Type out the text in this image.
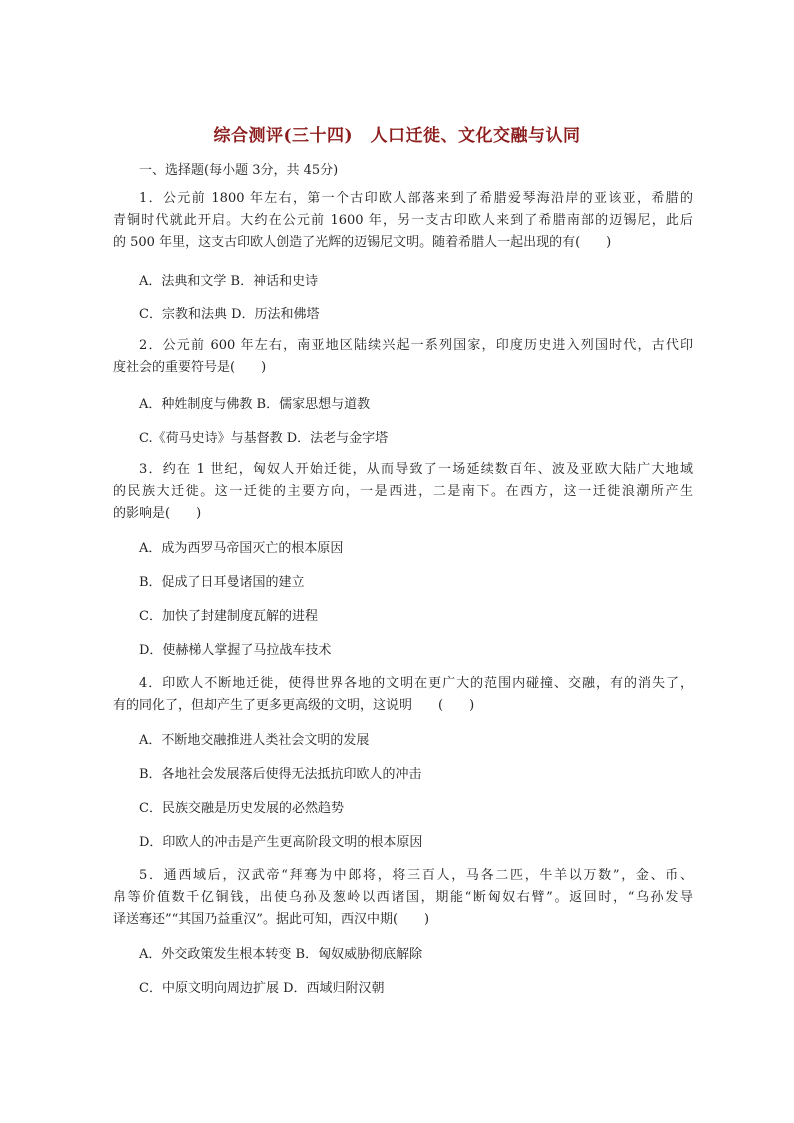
综合测评(三十四)　人口迁徙、文化交融与认同
一、选择题(每小题 3分，共 45分)
1．公元前 1800 年左右，第一个古印欧人部落来到了希腊爱琴海沿岸的亚该亚，希腊的
青铜时代就此开启。大约在公元前 1600 年，另一支古印欧人来到了希腊南部的迈锡尼，此后
的 500 年里，这支古印欧人创造了光辉的迈锡尼文明。随着希腊人一起出现的有(　　)
A．法典和文学 B．神话和史诗
C．宗教和法典 D．历法和佛塔
2．公元前 600 年左右，南亚地区陆续兴起一系列国家，印度历史进入列国时代，古代印
度社会的重要符号是(　　)
A．种姓制度与佛教 B．儒家思想与道教
C.《荷马史诗》与基督教 D．法老与金字塔
3．约在 1 世纪，匈奴人开始迁徙，从而导致了一场延续数百年、波及亚欧大陆广大地域
的民族大迁徙。这一迁徙的主要方向，一是西进，二是南下。在西方，这一迁徙浪潮所产生
的影响是(　　)
A．成为西罗马帝国灭亡的根本原因
B．促成了日耳曼诸国的建立
C．加快了封建制度瓦解的进程
D．使赫梯人掌握了马拉战车技术
4．印欧人不断地迁徙，使得世界各地的文明在更广大的范围内碰撞、交融，有的消失了，
有的同化了，但却产生了更多更高级的文明，这说明　　(　　)
A．不断地交融推进人类社会文明的发展
B．各地社会发展落后使得无法抵抗印欧人的冲击
C．民族交融是历史发展的必然趋势
D．印欧人的冲击是产生更高阶段文明的根本原因
5．通西域后，汉武帝“拜骞为中郎将，将三百人，马各二匹，牛羊以万数”，金、币、
帛等价值数千亿铜钱，出使乌孙及葱岭以西诸国，期能“断匈奴右臂”。返回时，“乌孙发导
译送骞还”“其国乃益重汉”。据此可知，西汉中期(　　)
A．外交政策发生根本转变 B．匈奴威胁彻底解除
C．中原文明向周边扩展 D．西域归附汉朝
